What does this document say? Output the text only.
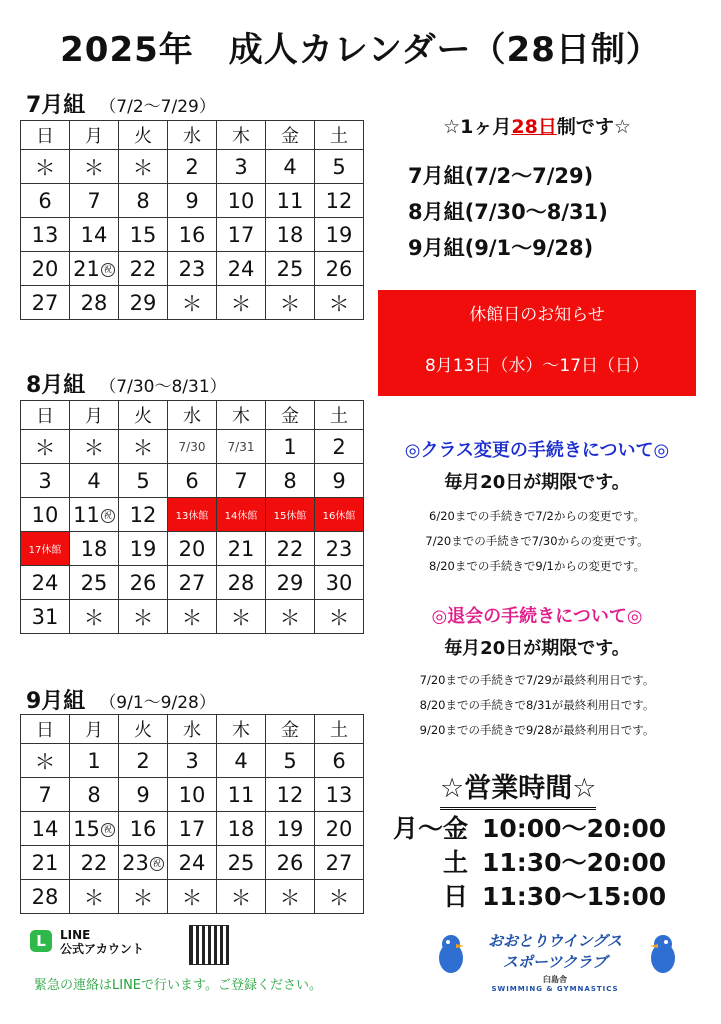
2025年　成人カレンダー（28日制）
7月組 （7/2〜7/29）
日	月	火	水	木	金	土
＊	＊	＊	2	3	4	5
6	7	8	9	10	11	12
13	14	15	16	17	18	19
20	21 祝	22	23	24	25	26
27	28	29	＊	＊	＊	＊
8月組 （7/30〜8/31）
日	月	火	水	木	金	土
＊	＊	＊	7/30	7/31	1	2
3	4	5	6	7	8	9
10	11 祝	12	13休館	14休館	15休館	16休館
17休館	18	19	20	21	22	23
24	25	26	27	28	29	30
31	＊	＊	＊	＊	＊	＊
9月組 （9/1〜9/28）
日	月	火	水	木	金	土
＊	1	2	3	4	5	6
7	8	9	10	11	12	13
14	15 祝	16	17	18	19	20
21	22	23 祝	24	25	26	27
28	＊	＊	＊	＊	＊	＊
☆1ヶ月28日制です☆
7月組(7/2〜7/29)
8月組(7/30〜8/31)
9月組(9/1〜9/28)
休館日のお知らせ
8月13日（水）〜17日（日）
◎クラス変更の手続きについて◎
毎月20日が期限です。
6/20までの手続きで7/2からの変更です。
7/20までの手続きで7/30からの変更です。
8/20までの手続きで9/1からの変更です。
◎退会の手続きについて◎
毎月20日が期限です。
7/20までの手続きで7/29が最終利用日です。
8/20までの手続きで8/31が最終利用日です。
9/20までの手続きで9/28が最終利用日です。
☆営業時間☆
月〜金 10:00〜20:00
土 11:30〜20:00
日 11:30〜15:00
L	LINE
公式アカウント
緊急の連絡はLINEで行います。ご登録ください。
おおとりウイングス
スポーツクラブ
臼島舎
SWIMMING & GYMNASTICS
